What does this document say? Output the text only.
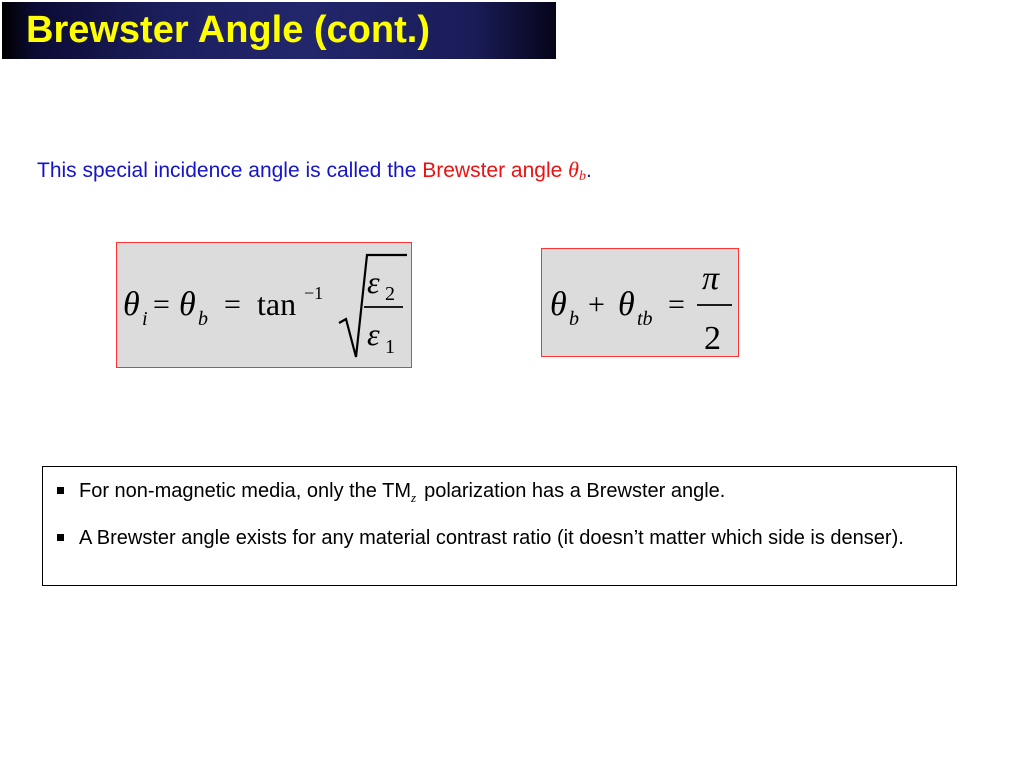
Brewster Angle (cont.)
This special incidence angle is called the Brewster angle $\theta_b$.
θ i = θ b = tan −1 ε 2
ε 1
θ b + θ tb =
π
2
For non-magnetic media, only the $TM_z$ polarization has a Brewster angle.
A Brewster angle exists for any material contrast ratio (it doesn’t matter which side is denser).
